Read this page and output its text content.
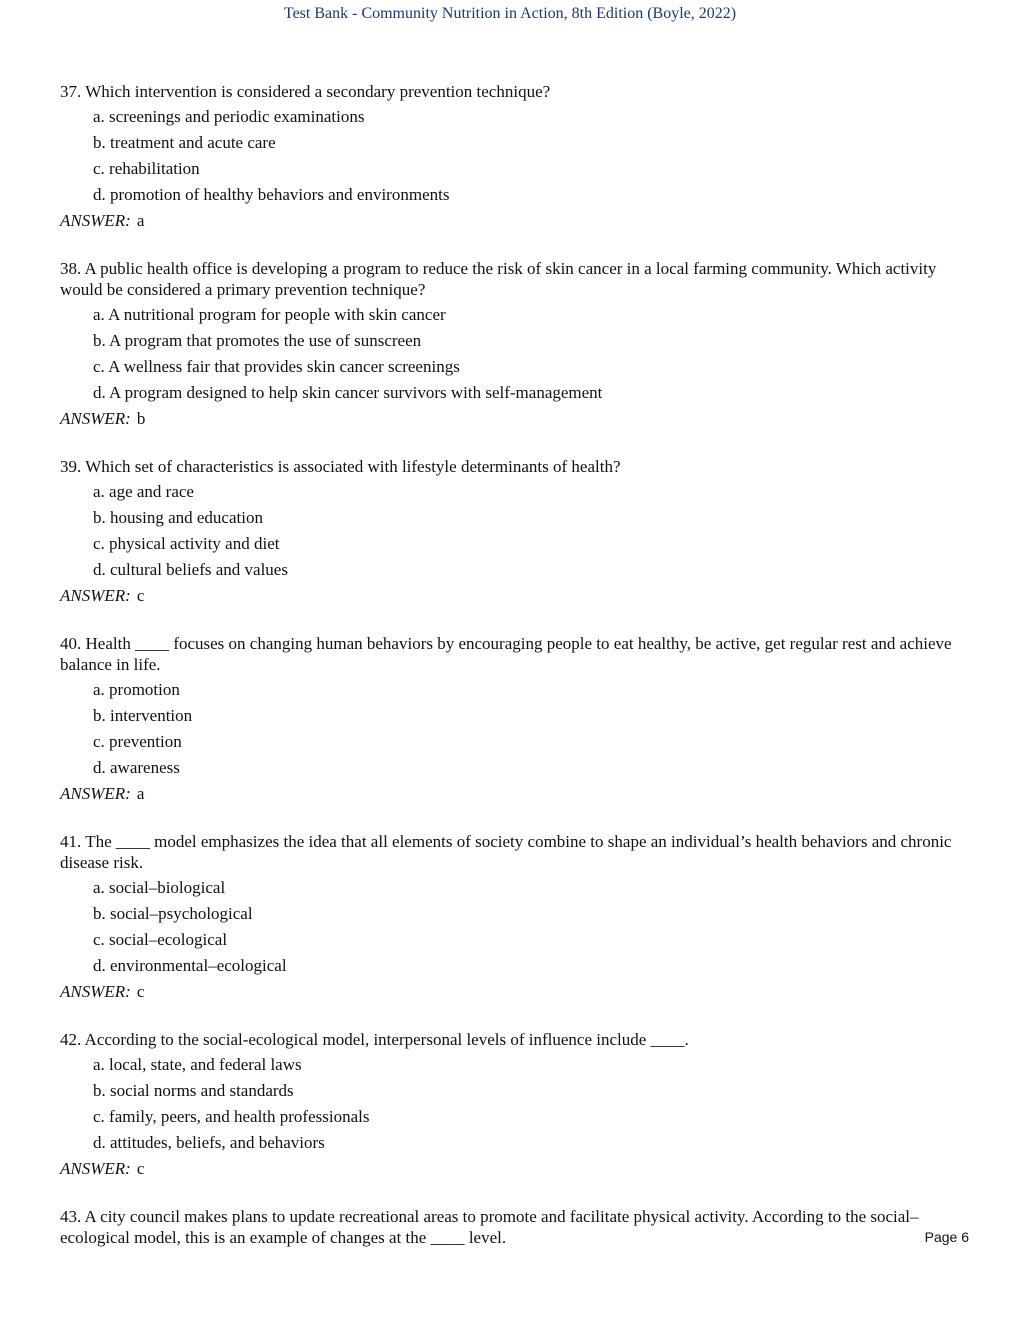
Test Bank - Community Nutrition in Action, 8th Edition (Boyle, 2022)
37. Which intervention is considered a secondary prevention technique?
a. screenings and periodic examinations
b. treatment and acute care
c. rehabilitation
d. promotion of healthy behaviors and environments
ANSWER: a
38. A public health office is developing a program to reduce the risk of skin cancer in a local farming community. Which activity would be considered a primary prevention technique?
a. A nutritional program for people with skin cancer
b. A program that promotes the use of sunscreen
c. A wellness fair that provides skin cancer screenings
d. A program designed to help skin cancer survivors with self-management
ANSWER: b
39. Which set of characteristics is associated with lifestyle determinants of health?
a. age and race
b. housing and education
c. physical activity and diet
d. cultural beliefs and values
ANSWER: c
40. Health ____ focuses on changing human behaviors by encouraging people to eat healthy, be active, get regular rest and achieve balance in life.
a. promotion
b. intervention
c. prevention
d. awareness
ANSWER: a
41. The ____ model emphasizes the idea that all elements of society combine to shape an individual’s health behaviors and chronic disease risk.
a. social–biological
b. social–psychological
c. social–ecological
d. environmental–ecological
ANSWER: c
42. According to the social-ecological model, interpersonal levels of influence include ____.
a. local, state, and federal laws
b. social norms and standards
c. family, peers, and health professionals
d. attitudes, beliefs, and behaviors
ANSWER: c
43. A city council makes plans to update recreational areas to promote and facilitate physical activity. According to the social–ecological model, this is an example of changes at the ____ level.	Page 6
